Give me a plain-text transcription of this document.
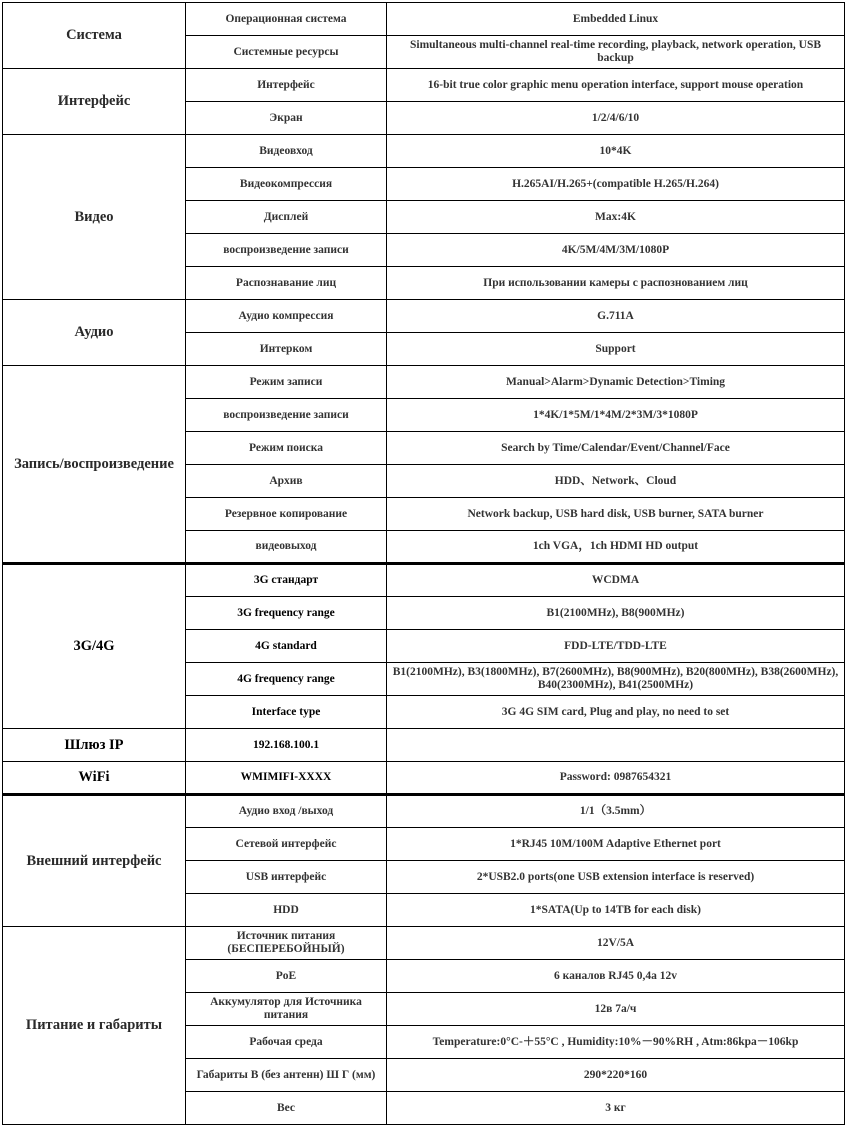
Система	Операционная система	Embedded Linux
	Системные ресурсы	Simultaneous multi-channel real-time recording, playback, network operation, USB backup
Интерфейс	Интерфейс	16-bit true color graphic menu operation interface, support mouse operation
	Экран	1/2/4/6/10
Видео	Видеовход	10*4K
	Видеокомпрессия	H.265AI/H.265+(compatible H.265/H.264)
	Дисплей	Max:4K
	воспроизведение записи	4K/5M/4M/3M/1080P
	Распознавание лиц	При использовании камеры с распознованием лиц
Аудио	Аудио компрессия	G.711A
	Интерком	Support
Запись/воспроизведение	Режим записи	Manual>Alarm>Dynamic Detection>Timing
	воспроизведение записи	1*4K/1*5M/1*4M/2*3M/3*1080P
	Режим поиска	Search by Time/Calendar/Event/Channel/Face
	Архив	HDD、Network、Cloud
	Резервное копирование	Network backup, USB hard disk, USB burner, SATA burner
	видеовыход	1ch VGA，1ch HDMI HD output
3G/4G	3G стандарт	WCDMA
	3G frequency range	B1(2100MHz), B8(900MHz)
	4G standard	FDD-LTE/TDD-LTE
	4G frequency range	B1(2100MHz), B3(1800MHz), B7(2600MHz), B8(900MHz), B20(800MHz), B38(2600MHz), B40(2300MHz), B41(2500MHz)
	Interface type	3G 4G SIM card, Plug and play, no need to set
Шлюз IP	192.168.100.1	
WiFi	WMIMIFI-XXXX	Password: 0987654321
Внешний интерфейс	Аудио вход /выход	1/1（3.5mm）
	Сетевой интерфейс	1*RJ45 10M/100M Adaptive Ethernet port
	USB интерфейс	2*USB2.0 ports(one USB extension interface is reserved)
	HDD	1*SATA(Up to 14TB for each disk)
Питание и габариты	Источник питания (БЕСПЕРЕБОЙНЫЙ)	12V/5A
	PoE	6 каналов RJ45 0,4а 12v
	Аккумулятор для Источника питания	12в 7а/ч
	Рабочая среда	Temperature:0°C-＋55°C , Humidity:10%－90%RH , Atm:86kpa－106kp
	Габариты В (без антенн) Ш Г (мм)	290*220*160
	Вес	3 кг
